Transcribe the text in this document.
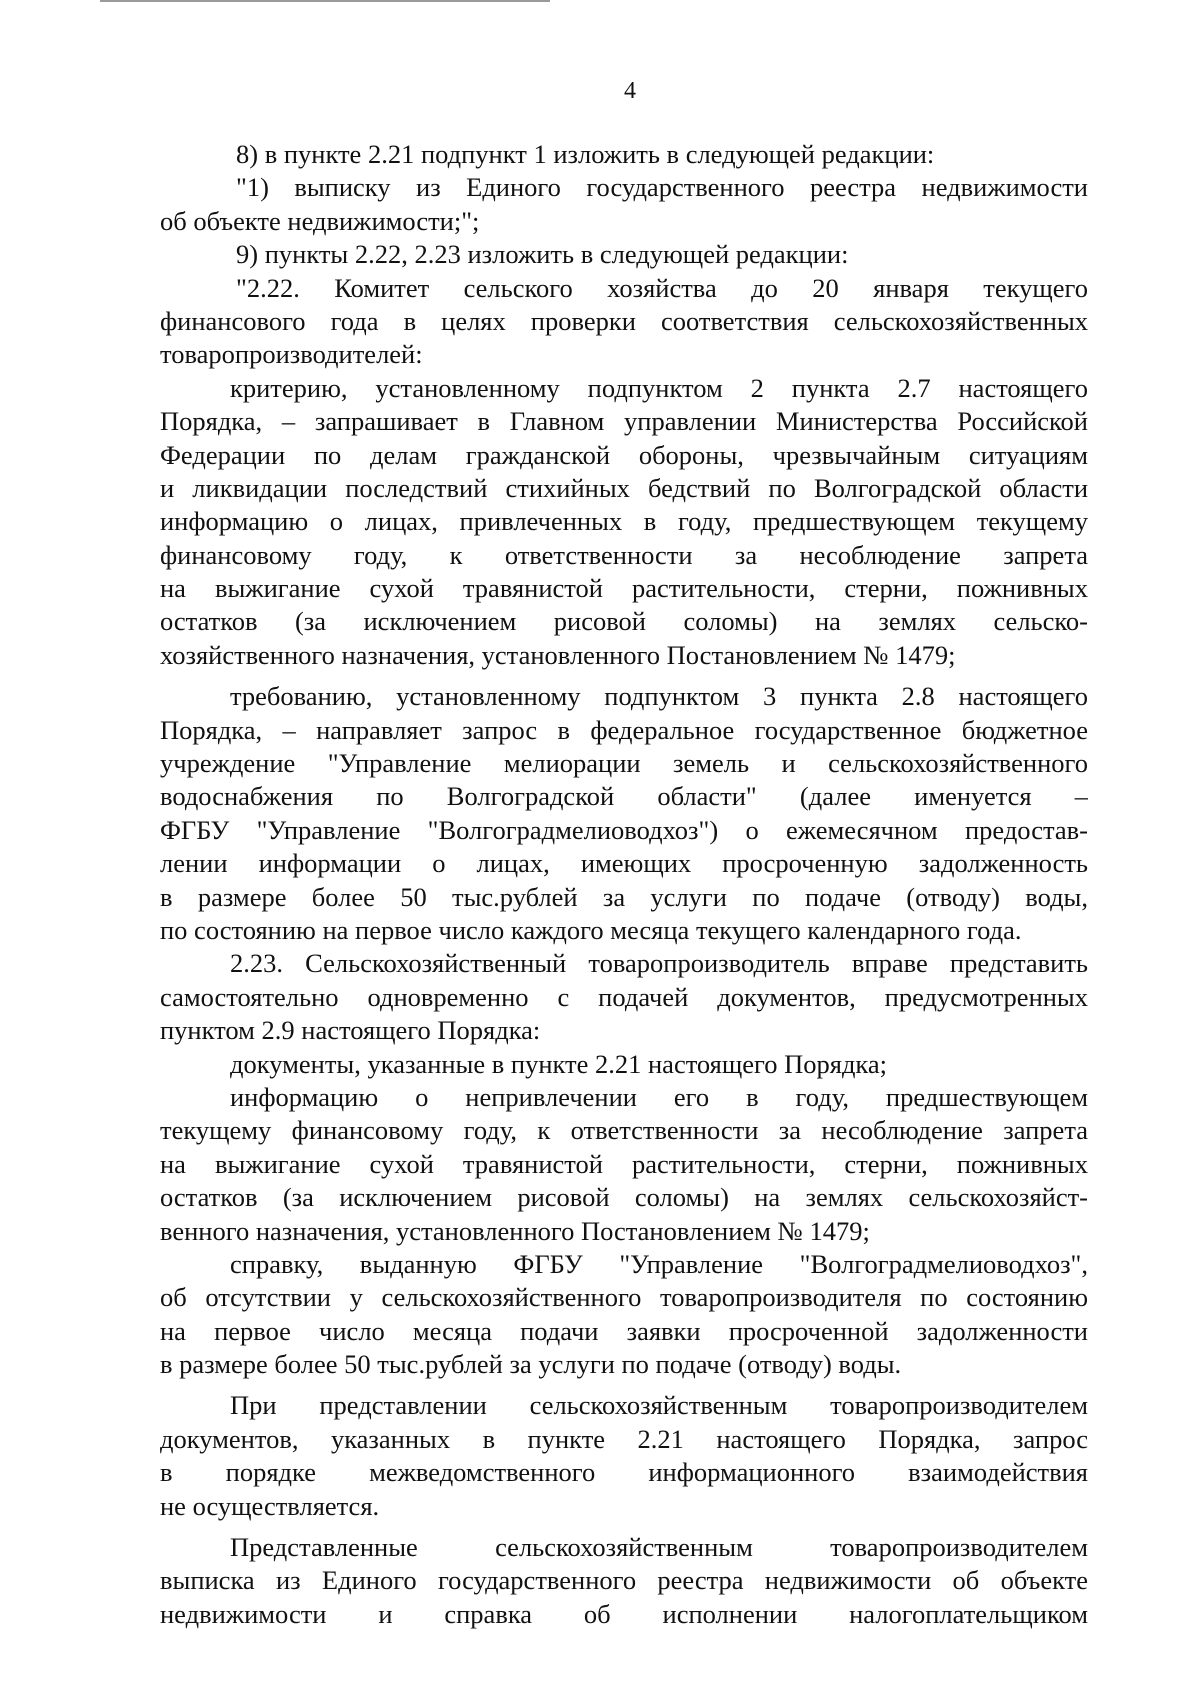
4
8) в пункте 2.21 подпункт 1 изложить в следующей редакции:
"1) выписку из Единого государственного реестра недвижимости
об объекте недвижимости;";
9) пункты 2.22, 2.23 изложить в следующей редакции:
"2.22. Комитет сельского хозяйства до 20 января текущего
финансового года в целях проверки соответствия сельскохозяйственных
товаропроизводителей:
критерию, установленному подпунктом 2 пункта 2.7 настоящего
Порядка, – запрашивает в Главном управлении Министерства Российской
Федерации по делам гражданской обороны, чрезвычайным ситуациям
и ликвидации последствий стихийных бедствий по Волгоградской области
информацию о лицах, привлеченных в году, предшествующем текущему
финансовому году, к ответственности за несоблюдение запрета
на выжигание сухой травянистой растительности, стерни, пожнивных
остатков (за исключением рисовой соломы) на землях сельско-
хозяйственного назначения, установленного Постановлением № 1479;
требованию, установленному подпунктом 3 пункта 2.8 настоящего
Порядка, – направляет запрос в федеральное государственное бюджетное
учреждение "Управление мелиорации земель и сельскохозяйственного
водоснабжения по Волгоградской области" (далее именуется –
ФГБУ "Управление "Волгоградмелиоводхоз") о ежемесячном предостав-
лении информации о лицах, имеющих просроченную задолженность
в размере более 50 тыс.рублей за услуги по подаче (отводу) воды,
по состоянию на первое число каждого месяца текущего календарного года.
2.23. Сельскохозяйственный товаропроизводитель вправе представить
самостоятельно одновременно с подачей документов, предусмотренных
пунктом 2.9 настоящего Порядка:
документы, указанные в пункте 2.21 настоящего Порядка;
информацию о непривлечении его в году, предшествующем
текущему финансовому году, к ответственности за несоблюдение запрета
на выжигание сухой травянистой растительности, стерни, пожнивных
остатков (за исключением рисовой соломы) на землях сельскохозяйст-
венного назначения, установленного Постановлением № 1479;
справку, выданную ФГБУ "Управление "Волгоградмелиоводхоз",
об отсутствии у сельскохозяйственного товаропроизводителя по состоянию
на первое число месяца подачи заявки просроченной задолженности
в размере более 50 тыс.рублей за услуги по подаче (отводу) воды.
При представлении сельскохозяйственным товаропроизводителем
документов, указанных в пункте 2.21 настоящего Порядка, запрос
в порядке межведомственного информационного взаимодействия
не осуществляется.
Представленные сельскохозяйственным товаропроизводителем
выписка из Единого государственного реестра недвижимости об объекте
недвижимости и справка об исполнении налогоплательщиком
